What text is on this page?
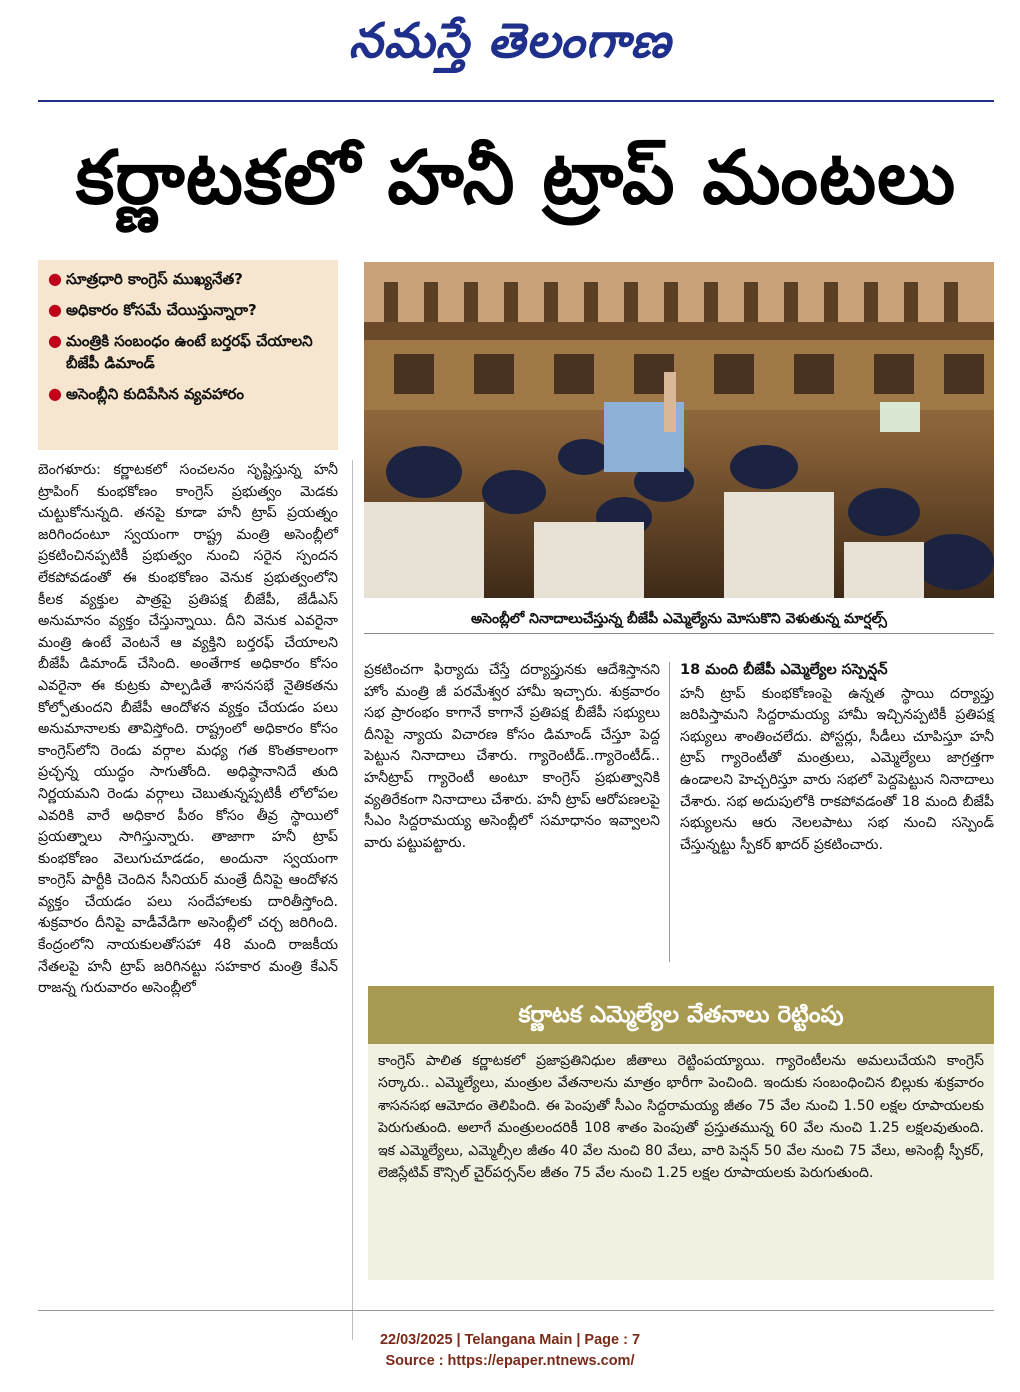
నమస్తే తెలంగాణ
కర్ణాటకలో హనీ ట్రాప్ మంటలు
● సూత్రధారి కాంగ్రెస్ ముఖ్యనేత?
● అధికారం కోసమే చేయిస్తున్నారా?
● మంత్రికి సంబంధం ఉంటే బర్తరఫ్ చేయాలని బీజేపీ డిమాండ్
● అసెంబ్లీని కుదిపేసిన వ్యవహారం
అసెంబ్లీలో నినాదాలుచేస్తున్న బీజేపీ ఎమ్మెల్యేను మోసుకొని వెళుతున్న మార్షల్స్

బెంగళూరు: కర్ణాటకలో సంచలనం సృష్టిస్తున్న హనీ ట్రాపింగ్ కుంభకోణం కాంగ్రెస్ ప్రభుత్వం మెడకు చుట్టుకోనున్నది. తనపై కూడా హనీ ట్రాప్ ప్రయత్నం జరిగిందంటూ స్వయంగా రాష్ట్ర మంత్రి అసెంబ్లీలో ప్రకటించినప్పటికీ ప్రభుత్వం నుంచి సరైన స్పందన లేకపోవడంతో ఈ కుంభకోణం వెనుక ప్రభుత్వంలోని కీలక వ్యక్తుల పాత్రపై ప్రతిపక్ష బీజేపీ, జేడీఎస్ అనుమానం వ్యక్తం చేస్తున్నాయి. దీని వెనుక ఎవరైనా మంత్రి ఉంటే వెంటనే ఆ వ్యక్తిని బర్తరఫ్ చేయాలని బీజేపీ డిమాండ్ చేసింది. అంతేగాక అధికారం కోసం ఎవరైనా ఈ కుట్రకు పాల్పడితే శాసనసభే నైతికతను కోల్పోతుందని బీజేపీ ఆందోళన వ్యక్తం చేయడం పలు అనుమానాలకు తావిస్తోంది. రాష్ట్రంలో అధికారం కోసం కాంగ్రెస్‌లోని రెండు వర్గాల మధ్య గత కొంతకాలంగా ప్రచ్ఛన్న యుద్ధం సాగుతోంది. అధిష్ఠానానిదే తుది నిర్ణయమని రెండు వర్గాలు చెబుతున్నప్పటికీ లోలోపల ఎవరికి వారే అధికార పీఠం కోసం తీవ్ర స్థాయిలో ప్రయత్నాలు సాగిస్తున్నారు. తాజాగా హనీ ట్రాప్ కుంభకోణం వెలుగుచూడడం, అందునా స్వయంగా కాంగ్రెస్ పార్టీకి చెందిన సీనియర్ మంత్రే దీనిపై ఆందోళన వ్యక్తం చేయడం పలు సందేహాలకు దారితీస్తోంది. శుక్రవారం దీనిపై వాడీవేడిగా అసెంబ్లీలో చర్చ జరిగింది. కేంద్రంలోని నాయకులతోసహా 48 మంది రాజకీయ నేతలపై హనీ ట్రాప్ జరిగినట్టు సహకార మంత్రి కేఎన్ రాజన్న గురువారం అసెంబ్లీలో

ప్రకటించగా ఫిర్యాదు చేస్తే దర్యాప్తునకు ఆదేశిస్తానని హోం మంత్రి జీ పరమేశ్వర హామీ ఇచ్చారు. శుక్రవారం సభ ప్రారంభం కాగానే కాగానే ప్రతిపక్ష బీజేపీ సభ్యులు దీనిపై న్యాయ విచారణ కోసం డిమాండ్ చేస్తూ పెద్ద పెట్టున నినాదాలు చేశారు. గ్యారెంటీడ్..గ్యారెంటీడ్.. హనీట్రాప్ గ్యారెంటీ అంటూ కాంగ్రెస్ ప్రభుత్వానికి వ్యతిరేకంగా నినాదాలు చేశారు. హనీ ట్రాప్ ఆరోపణలపై సీఎం సిద్దరామయ్య అసెంబ్లీలో సమాధానం ఇవ్వాలని వారు పట్టుపట్టారు.

18 మంది బీజేపీ ఎమ్మెల్యేల సస్పెన్షన్

హనీ ట్రాప్ కుంభకోణంపై ఉన్నత స్థాయి దర్యాప్తు జరిపిస్తామని సిద్దరామయ్య హామీ ఇచ్చినప్పటికీ ప్రతిపక్ష సభ్యులు శాంతించలేదు. పోస్టర్లు, సీడీలు చూపిస్తూ హనీ ట్రాప్ గ్యారెంటీతో మంత్రులు, ఎమ్మెల్యేలు జాగ్రత్తగా ఉండాలని హెచ్చరిస్తూ వారు సభలో పెద్దపెట్టున నినాదాలు చేశారు. సభ అదుపులోకి రాకపోవడంతో 18 మంది బీజేపీ సభ్యులను ఆరు నెలలపాటు సభ నుంచి సస్పెండ్ చేస్తున్నట్టు స్పీకర్ ఖాదర్ ప్రకటించారు.

కర్ణాటక ఎమ్మెల్యేల వేతనాలు రెట్టింపు

కాంగ్రెస్ పాలిత కర్ణాటకలో ప్రజాప్రతినిధుల జీతాలు రెట్టింపయ్యాయి. గ్యారెంటీలను అమలుచేయని కాంగ్రెస్ సర్కారు.. ఎమ్మెల్యేలు, మంత్రుల వేతనాలను మాత్రం భారీగా పెంచింది. ఇందుకు సంబంధించిన బిల్లుకు శుక్రవారం శాసనసభ ఆమోదం తెలిపింది. ఈ పెంపుతో సీఎం సిద్దరామయ్య జీతం 75 వేల నుంచి 1.50 లక్షల రూపాయలకు పెరుగుతుంది. అలాగే మంత్రులందరికీ 108 శాతం పెంపుతో ప్రస్తుతమున్న 60 వేల నుంచి 1.25 లక్షలవుతుంది. ఇక ఎమ్మెల్యేలు, ఎమ్మెల్సీల జీతం 40 వేల నుంచి 80 వేలు, వారి పెన్షన్ 50 వేల నుంచి 75 వేలు, అసెంబ్లీ స్పీకర్, లెజిస్లేటివ్ కౌన్సిల్ చైర్‌పర్సన్‌ల జీతం 75 వేల నుంచి 1.25 లక్షల రూపాయలకు పెరుగుతుంది.

22/03/2025 | Telangana Main | Page : 7
Source : https://epaper.ntnews.com/
